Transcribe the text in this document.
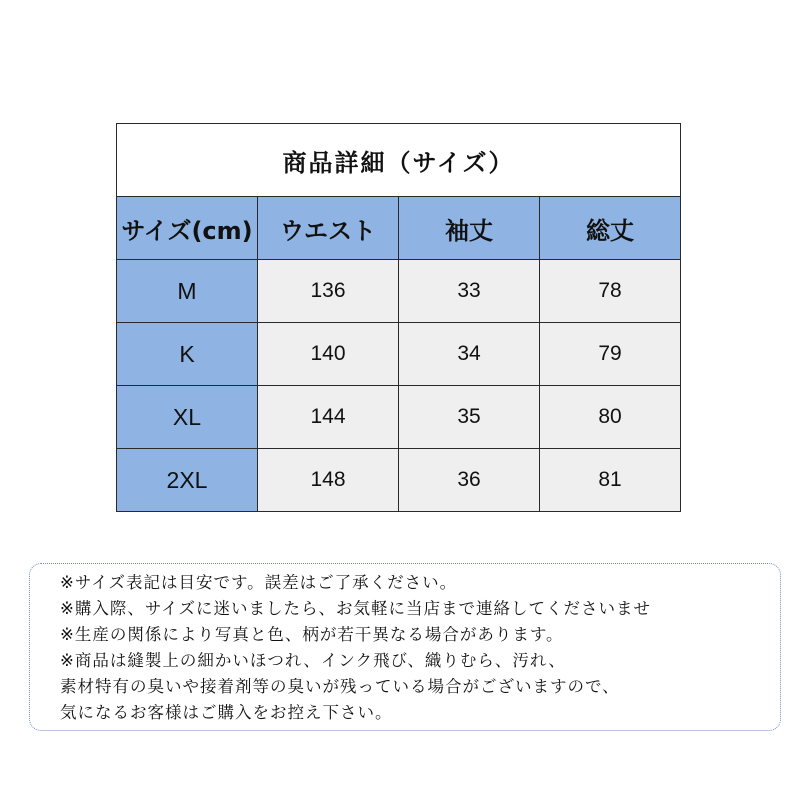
商品詳細（サイズ）			
サイズ(cm)	ウエスト	袖丈	総丈
M	136	33	78
K	140	34	79
XL	144	35	80
2XL	148	36	81
※サイズ表記は目安です。誤差はご了承ください。
※購入際、サイズに迷いましたら、お気軽に当店まで連絡してくださいませ
※生産の関係により写真と色、柄が若干異なる場合があります。
※商品は縫製上の細かいほつれ、インク飛び、織りむら、汚れ、
素材特有の臭いや接着剤等の臭いが残っている場合がございますので、
気になるお客様はご購入をお控え下さい。
